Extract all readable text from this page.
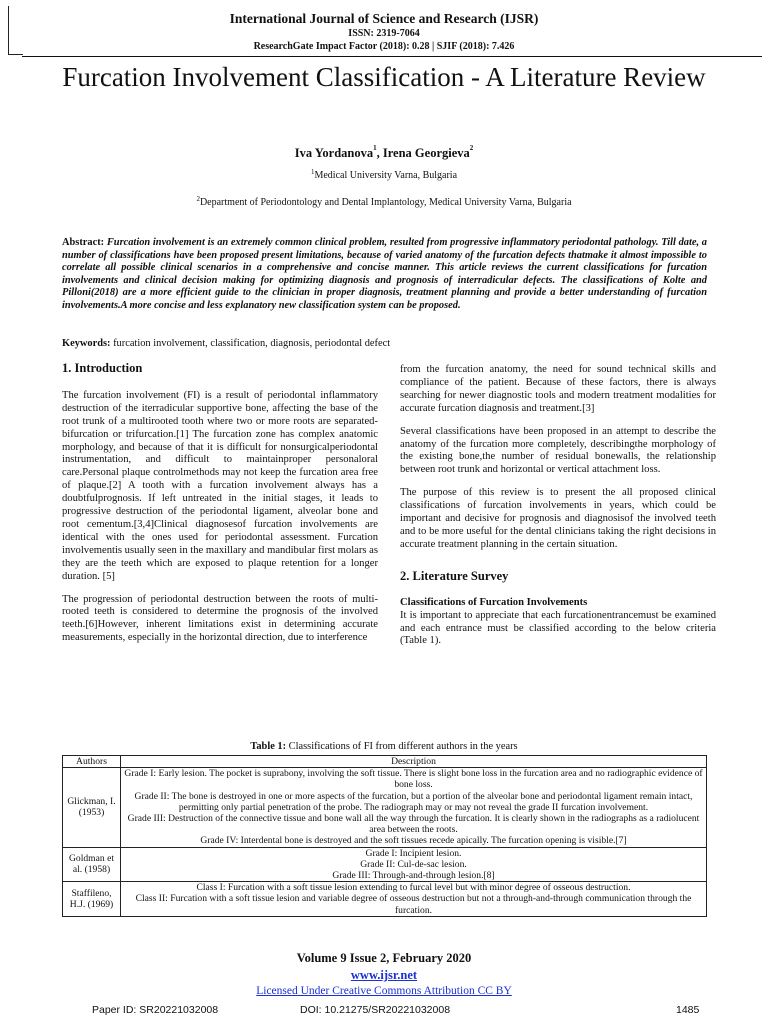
International Journal of Science and Research (IJSR)
ISSN: 2319-7064
ResearchGate Impact Factor (2018): 0.28 | SJIF (2018): 7.426
Furcation Involvement Classification - A Literature Review
Iva Yordanova$^1$, Irena Georgieva$^2$
$^1$Medical University Varna, Bulgaria
$^2$Department of Periodontology and Dental Implantology, Medical University Varna, Bulgaria
Abstract: Furcation involvement is an extremely common clinical problem, resulted from progressive inflammatory periodontal pathology. Till date, a number of classifications have been proposed present limitations, because of varied anatomy of the furcation defects thatmake it almost impossible to correlate all possible clinical scenarios in a comprehensive and concise manner. This article reviews the current classifications for furcation involvements and clinical decision making for optimizing diagnosis and prognosis of interradicular defects. The classifications of Kolte and Pilloni(2018) are a more efficient guide to the clinician in proper diagnosis, treatment planning and provide a better understanding of furcation involvements.A more concise and less explanatory new classification system can be proposed.
Keywords: furcation involvement, classification, diagnosis, periodontal defect
1. Introduction

The furcation involvement (FI) is a result of periodontal inflammatory destruction of the iterradicular supportive bone, affecting the base of the root trunk of a multirooted tooth where two or more roots are separated-bifurcation or trifurcation.[1] The furcation zone has complex anatomic morphology, and because of that it is difficult for nonsurgicalperiodontal instrumentation, and difficult to maintainproper personaloral care.Personal plaque controlmethods may not keep the furcation area free of plaque.[2] A tooth with a furcation involvement always has a doubtfulprognosis. If left untreated in the initial stages, it leads to progressive destruction of the periodontal ligament, alveolar bone and root cementum.[3,4]Clinical diagnosesof furcation involvements are identical with the ones used for periodontal assessment. Furcation involvementis usually seen in the maxillary and mandibular first molars as they are the teeth which are exposed to plaque retention for a longer duration. [5]

The progression of periodontal destruction between the roots of multi-rooted teeth is considered to determine the prognosis of the involved teeth.[6]However, inherent limitations exist in determining accurate measurements, especially in the horizontal direction, due to interference

from the furcation anatomy, the need for sound technical skills and compliance of the patient. Because of these factors, there is always searching for newer diagnostic tools and modern treatment modalities for accurate furcation diagnosis and treatment.[3]

Several classifications have been proposed in an attempt to describe the anatomy of the furcation more completely, describingthe morphology of the existing bone,the number of residual bonewalls, the relationship between root trunk and horizontal or vertical attachment loss.

The purpose of this review is to present the all proposed clinical classifications of furcation involvements in years, which could be important and decisive for prognosis and diagnosisof the involved teeth and to be more useful for the dental clinicians taking the right decisions in accurate treatment planning in the certain situation.

2. Literature Survey
Classifications of Furcation Involvements

It is important to appreciate that each furcationentrancemust be examined and each entrance must be classified according to the below criteria (Table 1).

Table 1: Classifications of FI from different authors in the years
Authors	Description
Glickman, I. (1953)	Grade I: Early lesion. The pocket is suprabony, involving the soft tissue. There is slight bone loss in the furcation area and no radiographic evidence of bone loss.
Grade II: The bone is destroyed in one or more aspects of the furcation, but a portion of the alveolar bone and periodontal ligament remain intact, permitting only partial penetration of the probe. The radiograph may or may not reveal the grade II furcation involvement.
Grade III: Destruction of the connective tissue and bone wall all the way through the furcation. It is clearly shown in the radiographs as a radiolucent area between the roots.
Grade IV: Interdental bone is destroyed and the soft tissues recede apically. The furcation opening is visible.[7]

Goldman et al. (1958)	Grade I: Incipient lesion.
Grade II: Cul-de-sac lesion.
Grade III: Through-and-through lesion.[8]

Staffileno, H.J. (1969)	Class I: Furcation with a soft tissue lesion extending to furcal level but with minor degree of osseous destruction.
Class II: Furcation with a soft tissue lesion and variable degree of osseous destruction but not a through-and-through communication through the furcation.
Volume 9 Issue 2, February 2020
www.ijsr.net
Licensed Under Creative Commons Attribution CC BY
Paper ID: SR20221032008	DOI: 10.21275/SR20221032008	1485
